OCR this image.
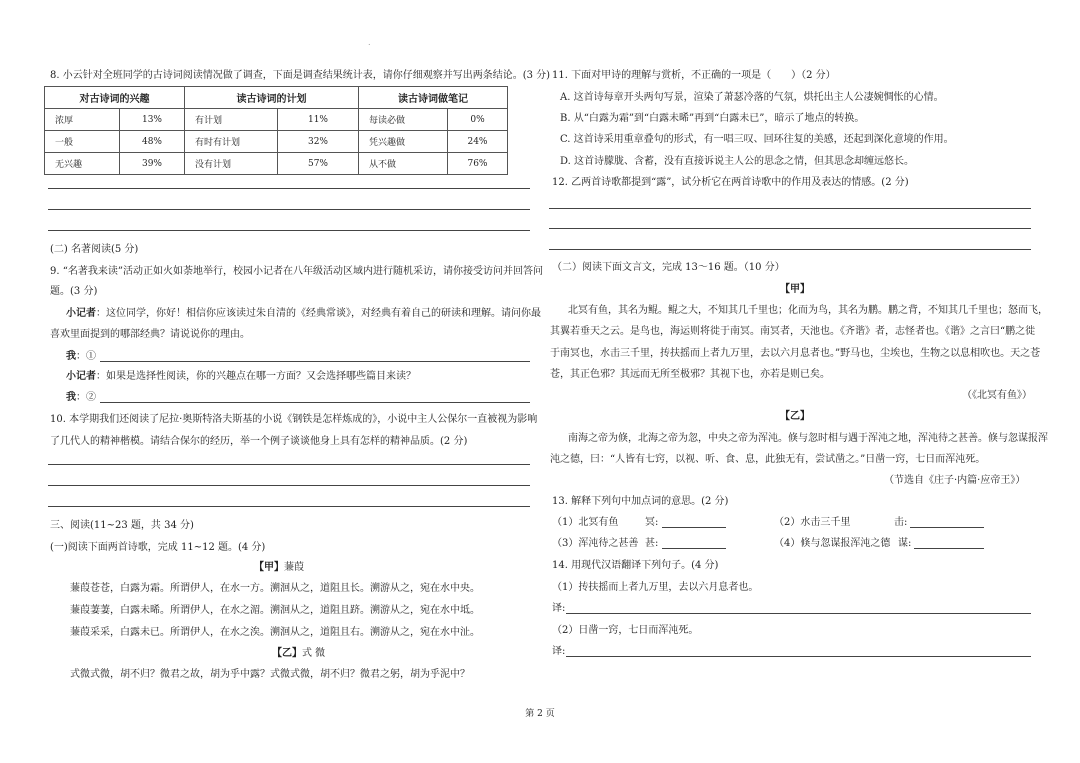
.
8. 小云针对全班同学的古诗词阅读情况做了调查，下面是调查结果统计表，请你仔细观察并写出两条结论。(3 分)
对古诗词的兴趣		读古诗词的计划		读古诗词做笔记	
浓厚	13%	有计划	11%	每读必做	0%
一般	48%	有时有计划	32%	凭兴趣做	24%
无兴趣	39%	没有计划	57%	从不做	76%
(二) 名著阅读(5 分)
9. “名著我来读”活动正如火如荼地举行，校园小记者在八年级活动区域内进行随机采访，请你接受访问并回答问
题。(3 分)
小记者：这位同学，你好！相信你应该读过朱自清的《经典常谈》，对经典有着自己的研读和理解。请问你最
喜欢里面提到的哪部经典？请说说你的理由。
我：①
小记者：如果是选择性阅读，你的兴趣点在哪一方面？又会选择哪些篇目来读？
我：②
10. 本学期我们还阅读了尼拉·奥斯特洛夫斯基的小说《钢铁是怎样炼成的》，小说中主人公保尔一直被视为影响
了几代人的精神楷模。请结合保尔的经历，举一个例子谈谈他身上具有怎样的精神品质。(2 分)
三、阅读(11~23 题，共 34 分)
(一)阅读下面两首诗歌，完成 11~12 题。(4 分)
【甲】蒹葭
蒹葭苍苍，白露为霜。所谓伊人，在水一方。溯洄从之，道阻且长。溯游从之，宛在水中央。
蒹葭萋萋，白露未晞。所谓伊人，在水之湄。溯洄从之，道阻且跻。溯游从之，宛在水中坻。
蒹葭采采，白露未已。所谓伊人，在水之涘。溯洄从之，道阻且右。溯游从之，宛在水中沚。
【乙】式 微
式微式微，胡不归？微君之故，胡为乎中露？式微式微，胡不归？微君之躬，胡为乎泥中？
11. 下面对甲诗的理解与赏析，不正确的一项是（　　）（2 分）
A. 这首诗每章开头两句写景，渲染了萧瑟冷落的气氛，烘托出主人公凄婉惆怅的心情。
B. 从“白露为霜”到“白露未晞”再到“白露未已”，暗示了地点的转换。
C. 这首诗采用重章叠句的形式，有一唱三叹、回环往复的美感，还起到深化意境的作用。
D. 这首诗朦胧、含蓄，没有直接诉说主人公的思念之情，但其思念却缠远悠长。
12. 乙两首诗歌都提到“露”，试分析它在两首诗歌中的作用及表达的情感。(2 分)
（二）阅读下面文言文，完成 13～16 题。（10 分）
【甲】
北冥有鱼，其名为鲲。鲲之大，不知其几千里也；化而为鸟，其名为鹏。鹏之背，不知其几千里也；怒而飞，
其翼若垂天之云。是鸟也，海运则将徙于南冥。南冥者，天池也。《齐谐》者，志怪者也。《谐》之言曰“鹏之徙
于南冥也，水击三千里，抟扶摇而上者九万里，去以六月息者也。”野马也，尘埃也，生物之以息相吹也。天之苍
苍，其正色邪？其远而无所至极邪？其视下也，亦若是则已矣。
（《北冥有鱼》）
【乙】
南海之帝为倏，北海之帝为忽，中央之帝为浑沌。倏与忽时相与遇于浑沌之地，浑沌待之甚善。倏与忽谋报浑
沌之德，曰：“人皆有七窍，以视、听、食、息，此独无有，尝试凿之。”日凿一窍，七日而浑沌死。
（节选自《庄子·内篇·应帝王》）
13. 解释下列句中加点词的意思。(2 分)
（1）北冥有鱼	冥:	（2）水击三千里	击:
（3）浑沌待之甚善 甚:	（4）倏与忽谋报浑沌之德 谋:
14. 用现代汉语翻译下列句子。(4 分)
（1）抟扶摇而上者九万里，去以六月息者也。
译:
（2）日凿一窍，七日而浑沌死。
译:
第 2 页
